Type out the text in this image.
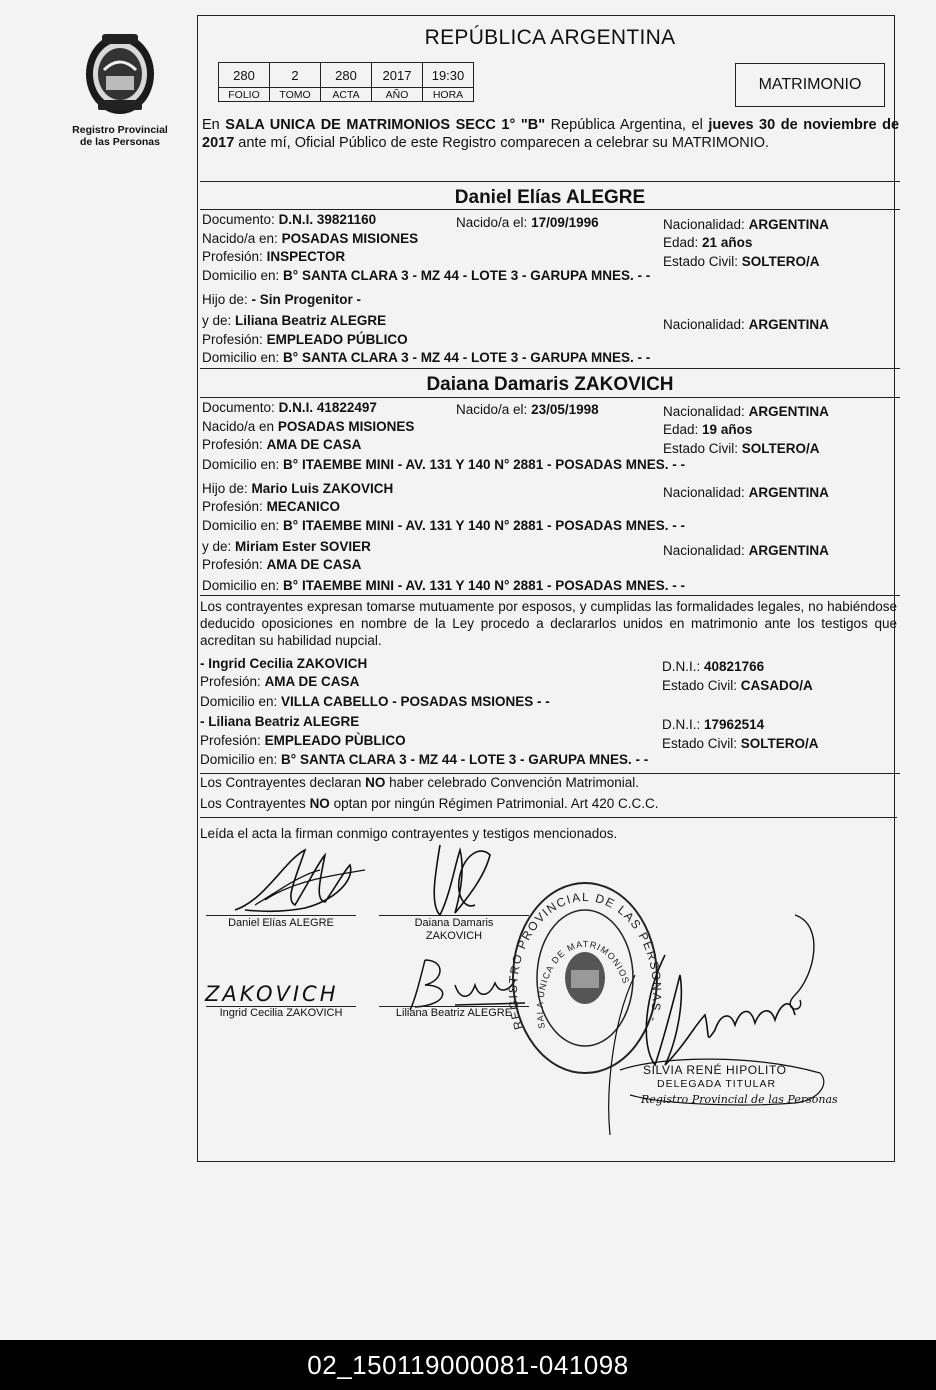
Registro Provincial
de las Personas
REPÚBLICA ARGENTINA
280	2	280	2017	19:30
FOLIO	TOMO	ACTA	AÑO	HORA
MATRIMONIO
En SALA UNICA DE MATRIMONIOS SECC 1° "B" República Argentina, el jueves 30 de noviembre de 2017 ante mí, Oficial Público de este Registro comparecen a celebrar su MATRIMONIO.
Daniel Elías ALEGRE
Documento: D.N.I. 39821160	Nacido/a el: 17/09/1996	Nacionalidad: ARGENTINA
Nacido/a en: POSADAS MISIONES	Edad: 21 años
Profesión: INSPECTOR	Estado Civil: SOLTERO/A
Domicilio en: B° SANTA CLARA 3 - MZ 44 - LOTE 3 - GARUPA MNES. - -
Hijo de: - Sin Progenitor -
y de: Liliana Beatriz ALEGRE	Nacionalidad: ARGENTINA
Profesión: EMPLEADO PÚBLICO
Domicilio en: B° SANTA CLARA 3 - MZ 44 - LOTE 3 - GARUPA MNES. - -
Daiana Damaris ZAKOVICH
Documento: D.N.I. 41822497	Nacido/a el: 23/05/1998	Nacionalidad: ARGENTINA
Nacido/a en POSADAS MISIONES	Edad: 19 años
Profesión: AMA DE CASA	Estado Civil: SOLTERO/A
Domicilio en: B° ITAEMBE MINI - AV. 131 Y 140 N° 2881 - POSADAS MNES. - -
Hijo de: Mario Luis ZAKOVICH	Nacionalidad: ARGENTINA
Profesión: MECANICO
Domicilio en: B° ITAEMBE MINI - AV. 131 Y 140 N° 2881 - POSADAS MNES. - -
y de: Miriam Ester SOVIER	Nacionalidad: ARGENTINA
Profesión: AMA DE CASA
Domicilio en: B° ITAEMBE MINI - AV. 131 Y 140 N° 2881 - POSADAS MNES. - -
Los contrayentes expresan tomarse mutuamente por esposos, y cumplidas las formalidades legales, no habiéndose deducido oposiciones en nombre de la Ley procedo a declararlos unidos en matrimonio ante los testigos que acreditan su habilidad nupcial.
- Ingrid Cecilia ZAKOVICH	D.N.I.: 40821766
Profesión: AMA DE CASA	Estado Civil: CASADO/A
Domicilio en: VILLA CABELLO - POSADAS MSIONES - -
- Liliana Beatriz ALEGRE	D.N.I.: 17962514
Profesión: EMPLEADO PÙBLICO	Estado Civil: SOLTERO/A
Domicilio en: B° SANTA CLARA 3 - MZ 44 - LOTE 3 - GARUPA MNES. - -
Los Contrayentes declaran NO haber celebrado Convención Matrimonial.
Los Contrayentes NO optan por ningún Régimen Patrimonial. Art 420 C.C.C.
Leída el acta la firman conmigo contrayentes y testigos mencionados.
Daniel Elías ALEGRE	Daiana Damaris
ZAKOVICH
ZAKOVICH
Ingrid Cecilia ZAKOVICH	Liliana Beatriz ALEGRE
REGISTRO PROVINCIAL DE LAS PERSONAS - MINISTERIO DE GOBIERNO -
SALA UNICA DE MATRIMONIOS
SILVIA RENÉ HIPOLITO
DELEGADA TITULAR
Registro Provincial de las Personas
02_150119000081-041098
